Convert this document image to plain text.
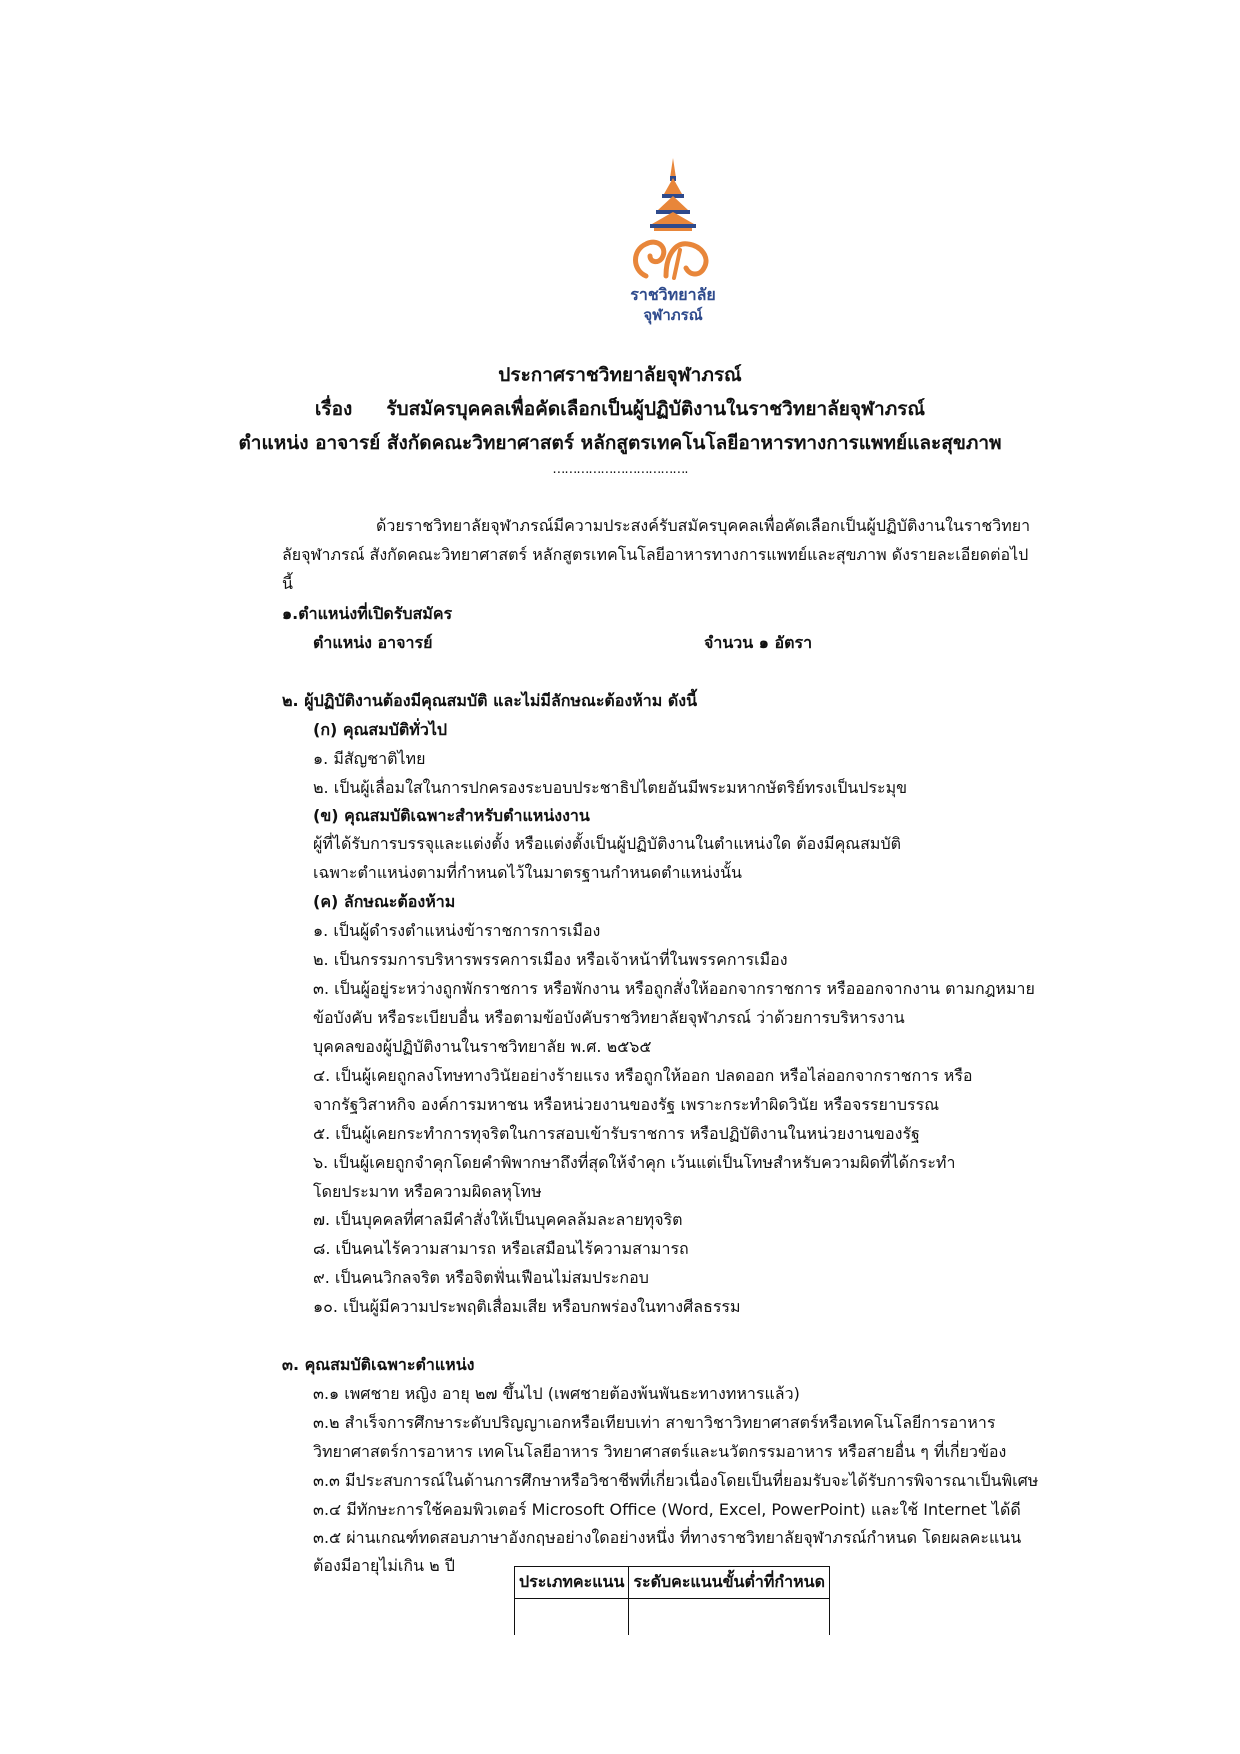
ราชวิทยาลัย
จุฬาภรณ์
ประกาศราชวิทยาลัยจุฬาภรณ์
เรื่อง รับสมัครบุคคลเพื่อคัดเลือกเป็นผู้ปฏิบัติงานในราชวิทยาลัยจุฬาภรณ์
ตำแหน่ง อาจารย์ สังกัดคณะวิทยาศาสตร์ หลักสูตรเทคโนโลยีอาหารทางการแพทย์และสุขภาพ
…………………………….
ด้วยราชวิทยาลัยจุฬาภรณ์มีความประสงค์รับสมัครบุคคลเพื่อคัดเลือกเป็นผู้ปฏิบัติงานในราชวิทยา
ลัยจุฬาภรณ์ สังกัดคณะวิทยาศาสตร์ หลักสูตรเทคโนโลยีอาหารทางการแพทย์และสุขภาพ ดังรายละเอียดต่อไป
นี้
๑.ตำแหน่งที่เปิดรับสมัคร
ตำแหน่ง อาจารย์	จำนวน ๑ อัตรา
๒. ผู้ปฏิบัติงานต้องมีคุณสมบัติ และไม่มีลักษณะต้องห้าม ดังนี้
(ก) คุณสมบัติทั่วไป
๑. มีสัญชาติไทย
๒. เป็นผู้เลื่อมใสในการปกครองระบอบประชาธิปไตยอันมีพระมหากษัตริย์ทรงเป็นประมุข
(ข) คุณสมบัติเฉพาะสำหรับตำแหน่งงาน
ผู้ที่ได้รับการบรรจุและแต่งตั้ง หรือแต่งตั้งเป็นผู้ปฏิบัติงานในตำแหน่งใด ต้องมีคุณสมบัติ
เฉพาะตำแหน่งตามที่กำหนดไว้ในมาตรฐานกำหนดตำแหน่งนั้น
(ค) ลักษณะต้องห้าม
๑. เป็นผู้ดำรงตำแหน่งข้าราชการการเมือง
๒. เป็นกรรมการบริหารพรรคการเมือง หรือเจ้าหน้าที่ในพรรคการเมือง
๓. เป็นผู้อยู่ระหว่างถูกพักราชการ หรือพักงาน หรือถูกสั่งให้ออกจากราชการ หรือออกจากงาน ตามกฎหมาย
ข้อบังคับ หรือระเบียบอื่น หรือตามข้อบังคับราชวิทยาลัยจุฬาภรณ์ ว่าด้วยการบริหารงาน
บุคคลของผู้ปฏิบัติงานในราชวิทยาลัย พ.ศ. ๒๕๖๕
๔. เป็นผู้เคยถูกลงโทษทางวินัยอย่างร้ายแรง หรือถูกให้ออก ปลดออก หรือไล่ออกจากราชการ หรือ
จากรัฐวิสาหกิจ องค์การมหาชน หรือหน่วยงานของรัฐ เพราะกระทำผิดวินัย หรือจรรยาบรรณ
๕. เป็นผู้เคยกระทำการทุจริตในการสอบเข้ารับราชการ หรือปฏิบัติงานในหน่วยงานของรัฐ
๖. เป็นผู้เคยถูกจำคุกโดยคำพิพากษาถึงที่สุดให้จำคุก เว้นแต่เป็นโทษสำหรับความผิดที่ได้กระทำ
โดยประมาท หรือความผิดลหุโทษ
๗. เป็นบุคคลที่ศาลมีคำสั่งให้เป็นบุคคลล้มละลายทุจริต
๘. เป็นคนไร้ความสามารถ หรือเสมือนไร้ความสามารถ
๙. เป็นคนวิกลจริต หรือจิตฟั่นเฟือนไม่สมประกอบ
๑๐. เป็นผู้มีความประพฤติเสื่อมเสีย หรือบกพร่องในทางศีลธรรม
๓. คุณสมบัติเฉพาะตำแหน่ง
๓.๑ เพศชาย หญิง อายุ ๒๗ ขึ้นไป (เพศชายต้องพ้นพันธะทางทหารแล้ว)
๓.๒ สำเร็จการศึกษาระดับปริญญาเอกหรือเทียบเท่า สาขาวิชาวิทยาศาสตร์หรือเทคโนโลยีการอาหาร
วิทยาศาสตร์การอาหาร เทคโนโลยีอาหาร วิทยาศาสตร์และนวัตกรรมอาหาร หรือสายอื่น ๆ ที่เกี่ยวข้อง
๓.๓ มีประสบการณ์ในด้านการศึกษาหรือวิชาชีพที่เกี่ยวเนื่องโดยเป็นที่ยอมรับจะได้รับการพิจารณาเป็นพิเศษ
๓.๔ มีทักษะการใช้คอมพิวเตอร์ Microsoft Office (Word, Excel, PowerPoint) และใช้ Internet ได้ดี
๓.๕ ผ่านเกณฑ์ทดสอบภาษาอังกฤษอย่างใดอย่างหนึ่ง ที่ทางราชวิทยาลัยจุฬาภรณ์กำหนด โดยผลคะแนน
ต้องมีอายุไม่เกิน ๒ ปี
ประเภทคะแนน	ระดับคะแนนขั้นต่ำที่กำหนด
